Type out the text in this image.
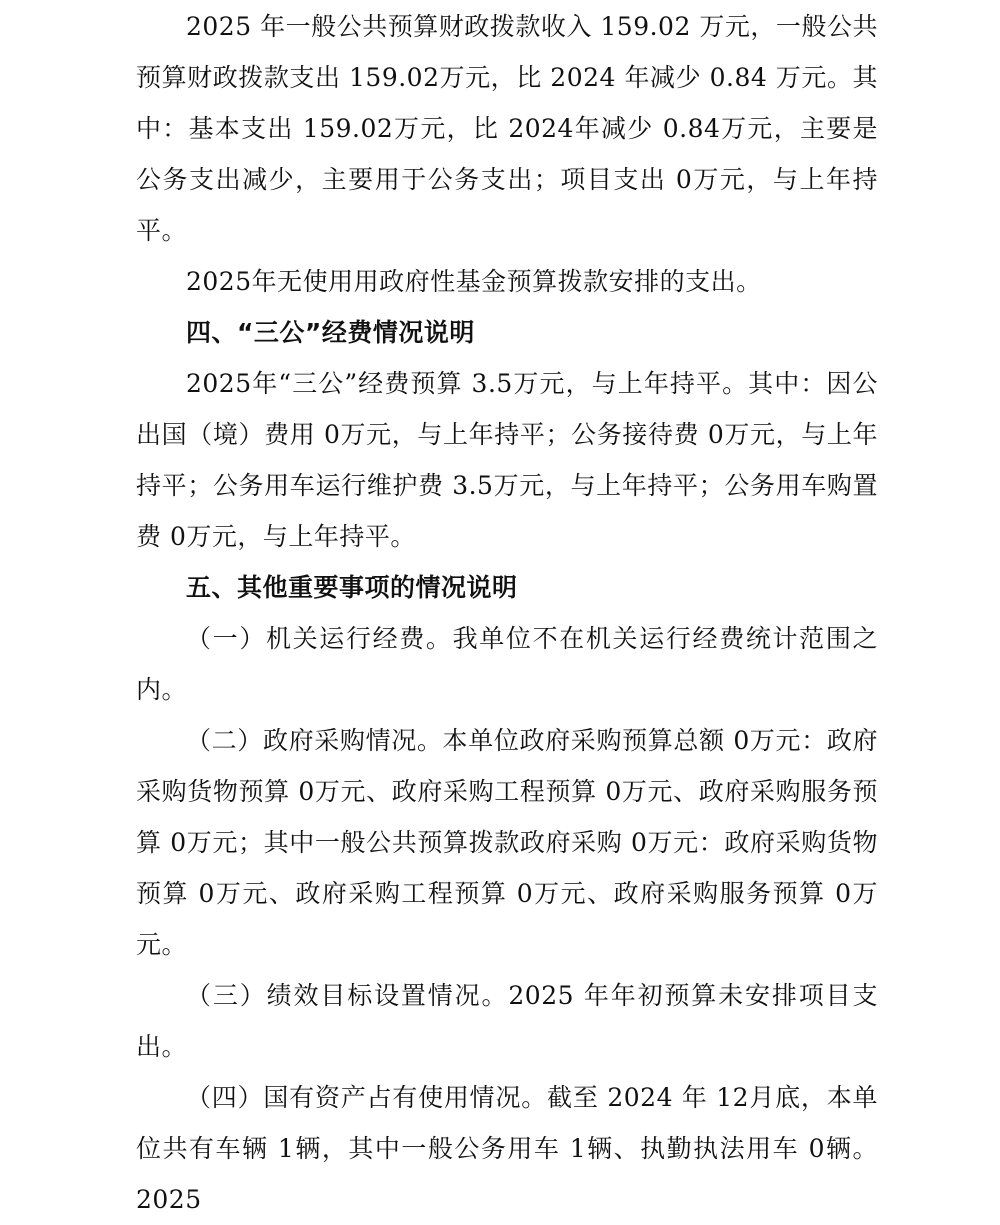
2025 年一般公共预算财政拨款收入 159.02 万元，一般公共预算财政拨款支出 159.02万元，比 2024 年减少 0.84 万元。其中：基本支出 159.02万元，比 2024年减少 0.84万元，主要是公务支出减少，主要用于公务支出；项目支出 0万元，与上年持平。

2025年无使用用政府性基金预算拨款安排的支出。

四、“三公”经费情况说明

2025年“三公”经费预算 3.5万元，与上年持平。其中：因公出国（境）费用 0万元，与上年持平；公务接待费 0万元，与上年持平；公务用车运行维护费 3.5万元，与上年持平；公务用车购置费 0万元，与上年持平。

五、其他重要事项的情况说明

（一）机关运行经费。我单位不在机关运行经费统计范围之内。

（二）政府采购情况。本单位政府采购预算总额 0万元：政府采购货物预算 0万元、政府采购工程预算 0万元、政府采购服务预算 0万元；其中一般公共预算拨款政府采购 0万元：政府采购货物预算 0万元、政府采购工程预算 0万元、政府采购服务预算 0万元。

（三）绩效目标设置情况。2025 年年初预算未安排项目支出。

（四）国有资产占有使用情况。截至 2024 年 12月底，本单位共有车辆 1辆，其中一般公务用车 1辆、执勤执法用车 0辆。2025
